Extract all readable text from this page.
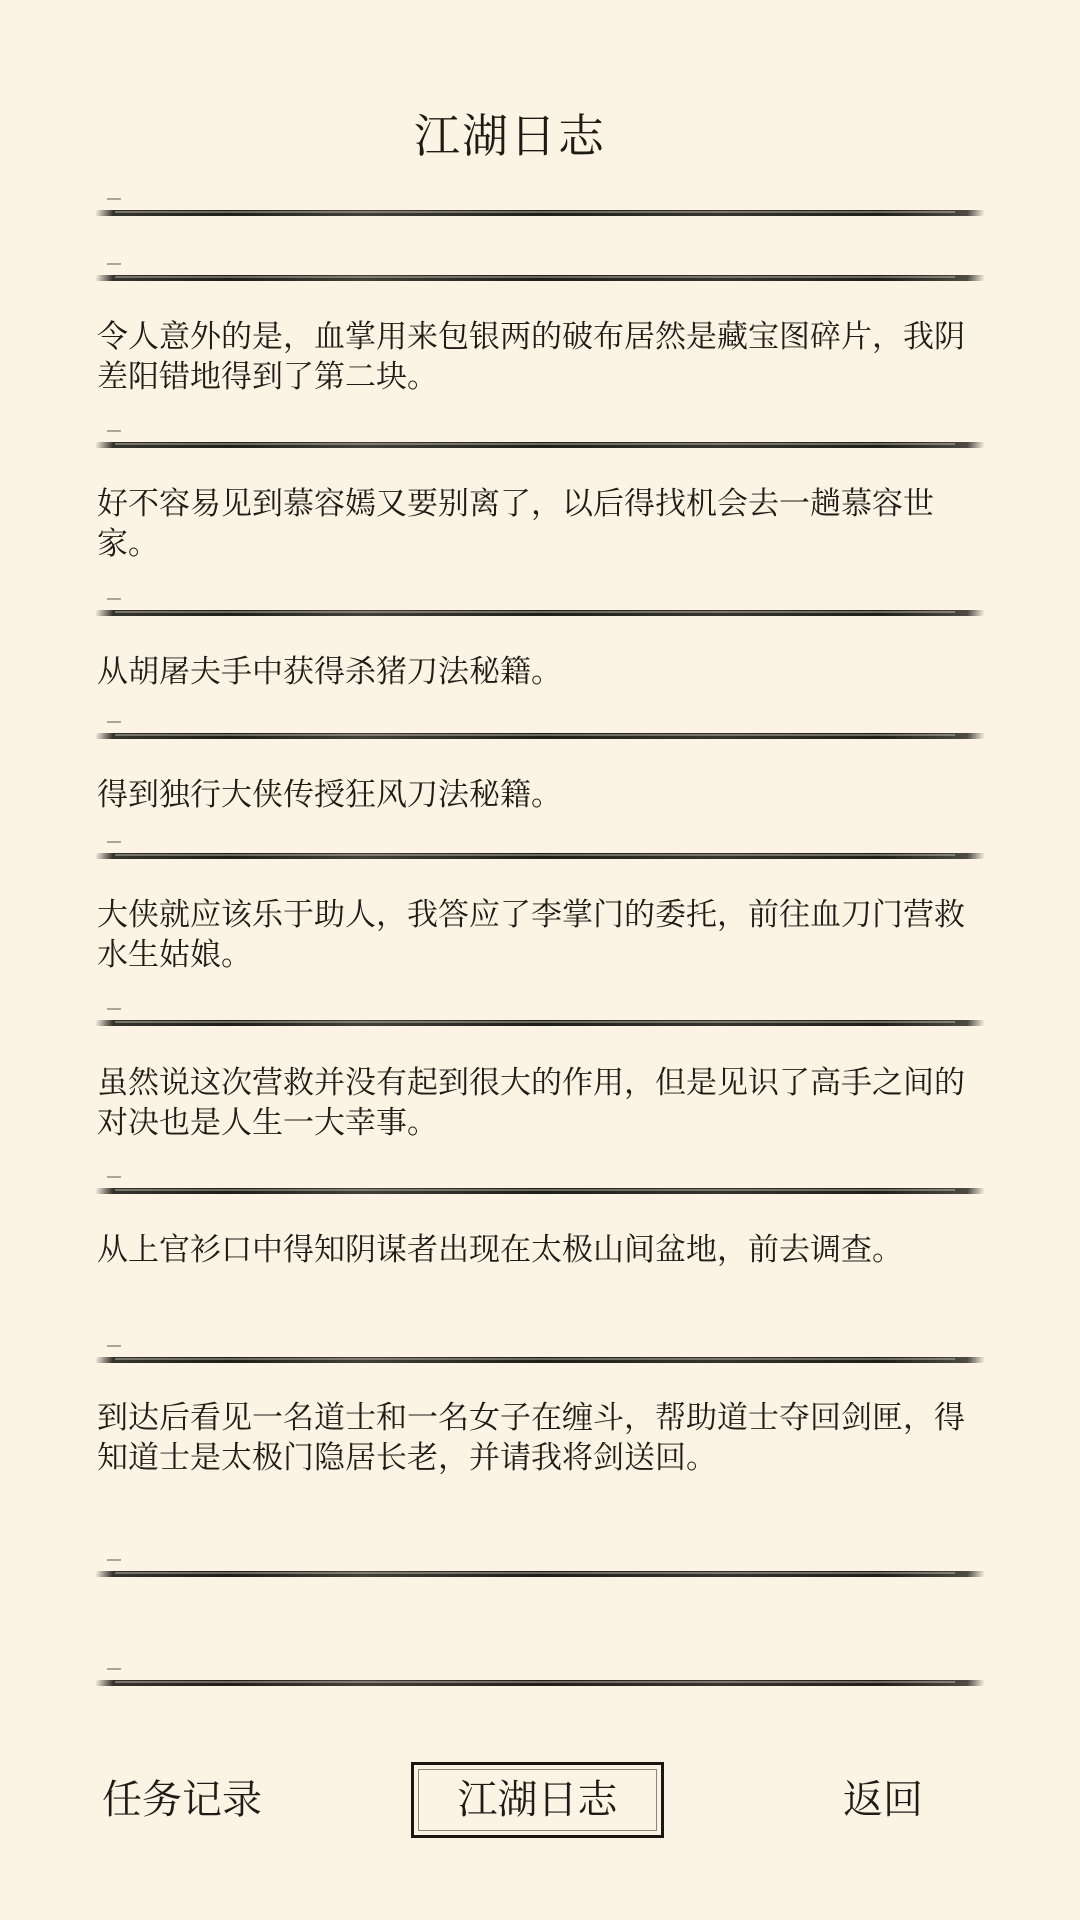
江湖日志
令人意外的是，血掌用来包银两的破布居然是藏宝图碎片，我阴差阳错地得到了第二块。
好不容易见到慕容嫣又要别离了，以后得找机会去一趟慕容世家。
从胡屠夫手中获得杀猪刀法秘籍。
得到独行大侠传授狂风刀法秘籍。
大侠就应该乐于助人，我答应了李掌门的委托，前往血刀门营救水生姑娘。
虽然说这次营救并没有起到很大的作用，但是见识了高手之间的对决也是人生一大幸事。
从上官衫口中得知阴谋者出现在太极山间盆地，前去调查。
到达后看见一名道士和一名女子在缠斗，帮助道士夺回剑匣，得知道士是太极门隐居长老，并请我将剑送回。
任务记录	江湖日志	返回
